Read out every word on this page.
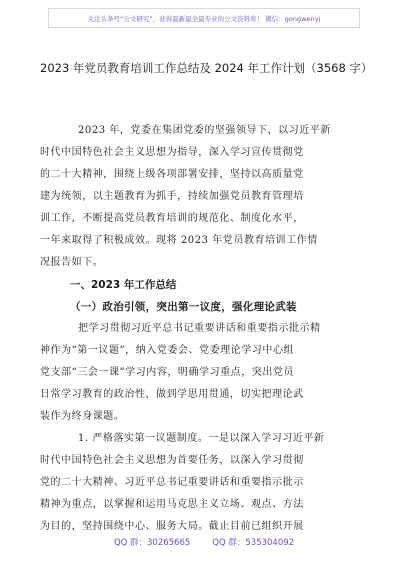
关注头条号“公文研究”，获得最新最全最专业的公文资料库！ 微信：gongwenyj
2023 年党员教育培训工作总结及 2024 年工作计划（3568 字）
2023 年，党委在集团党委的坚强领导下，以习近平新
时代中国特色社会主义思想为指导，深入学习宣传贯彻党
的二十大精神，围绕上级各项部署安排，坚持以高质量党
建为统领，以主题教育为抓手，持续加强党员教育管理培
训工作，不断提高党员教育培训的规范化、制度化水平，
一年来取得了积极成效。现将 2023 年党员教育培训工作情
况报告如下。
一、2023 年工作总结
（一）政治引领，突出第一议度，强化理论武装
把学习贯彻习近平总书记重要讲话和重要指示批示精
神作为“第一议题”，纳入党委会、党委理论学习中心组
党支部“三会一课”学习内容，明确学习重点，突出党员
日常学习教育的政治性，做到学思用贯通，切实把理论武
装作为终身课题。
1. 严格落实第一议题制度。一是以深入学习习近平新
时代中国特色社会主义思想为首要任务，以深入学习贯彻
党的二十大精神、习近平总书记重要讲话和重要指示批示
精神为重点，以掌握和运用马克思主义立场、观点、方法
为目的，坚持围绕中心、服务大局。截止目前已组织开展
QQ 群：30265665	QQ 群：535304092
